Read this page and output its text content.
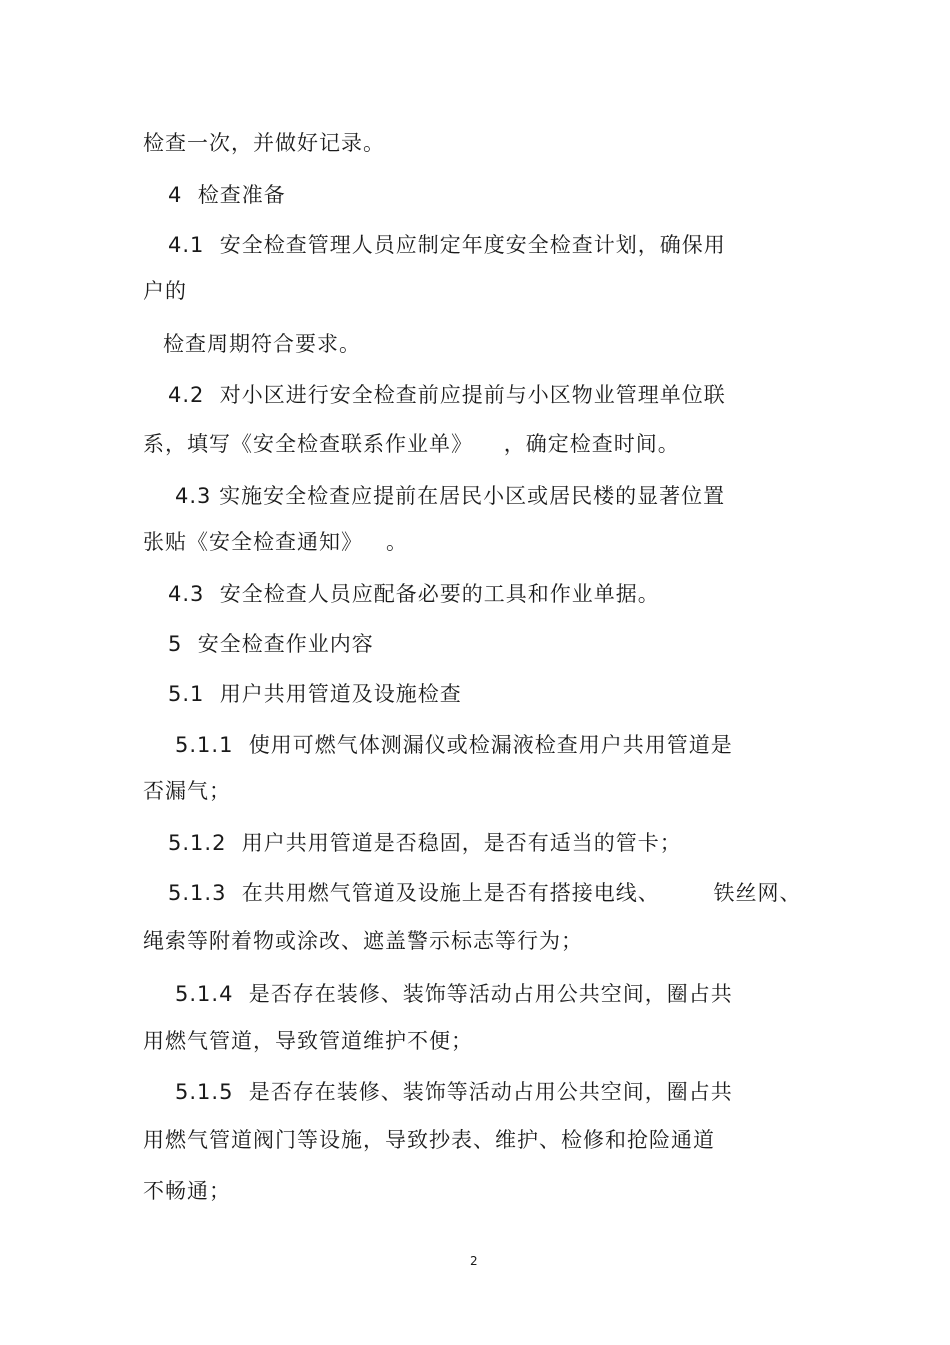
检查一次，并做好记录。
4  检查准备
4.1  安全检查管理人员应制定年度安全检查计划，确保用
户的
检查周期符合要求。
4.2  对小区进行安全检查前应提前与小区物业管理单位联
系，填写《安全检查联系作业单》    ，确定检查时间。
4.3 实施安全检查应提前在居民小区或居民楼的显著位置
张贴《安全检查通知》   。
4.3  安全检查人员应配备必要的工具和作业单据。
5  安全检查作业内容
5.1  用户共用管道及设施检查
5.1.1  使用可燃气体测漏仪或检漏液检查用户共用管道是
否漏气；
5.1.2  用户共用管道是否稳固，是否有适当的管卡；
5.1.3  在共用燃气管道及设施上是否有搭接电线、       铁丝网、
绳索等附着物或涂改、遮盖警示标志等行为；
5.1.4  是否存在装修、装饰等活动占用公共空间，圈占共
用燃气管道，导致管道维护不便；
5.1.5  是否存在装修、装饰等活动占用公共空间，圈占共
用燃气管道阀门等设施，导致抄表、维护、检修和抢险通道
不畅通；
2
